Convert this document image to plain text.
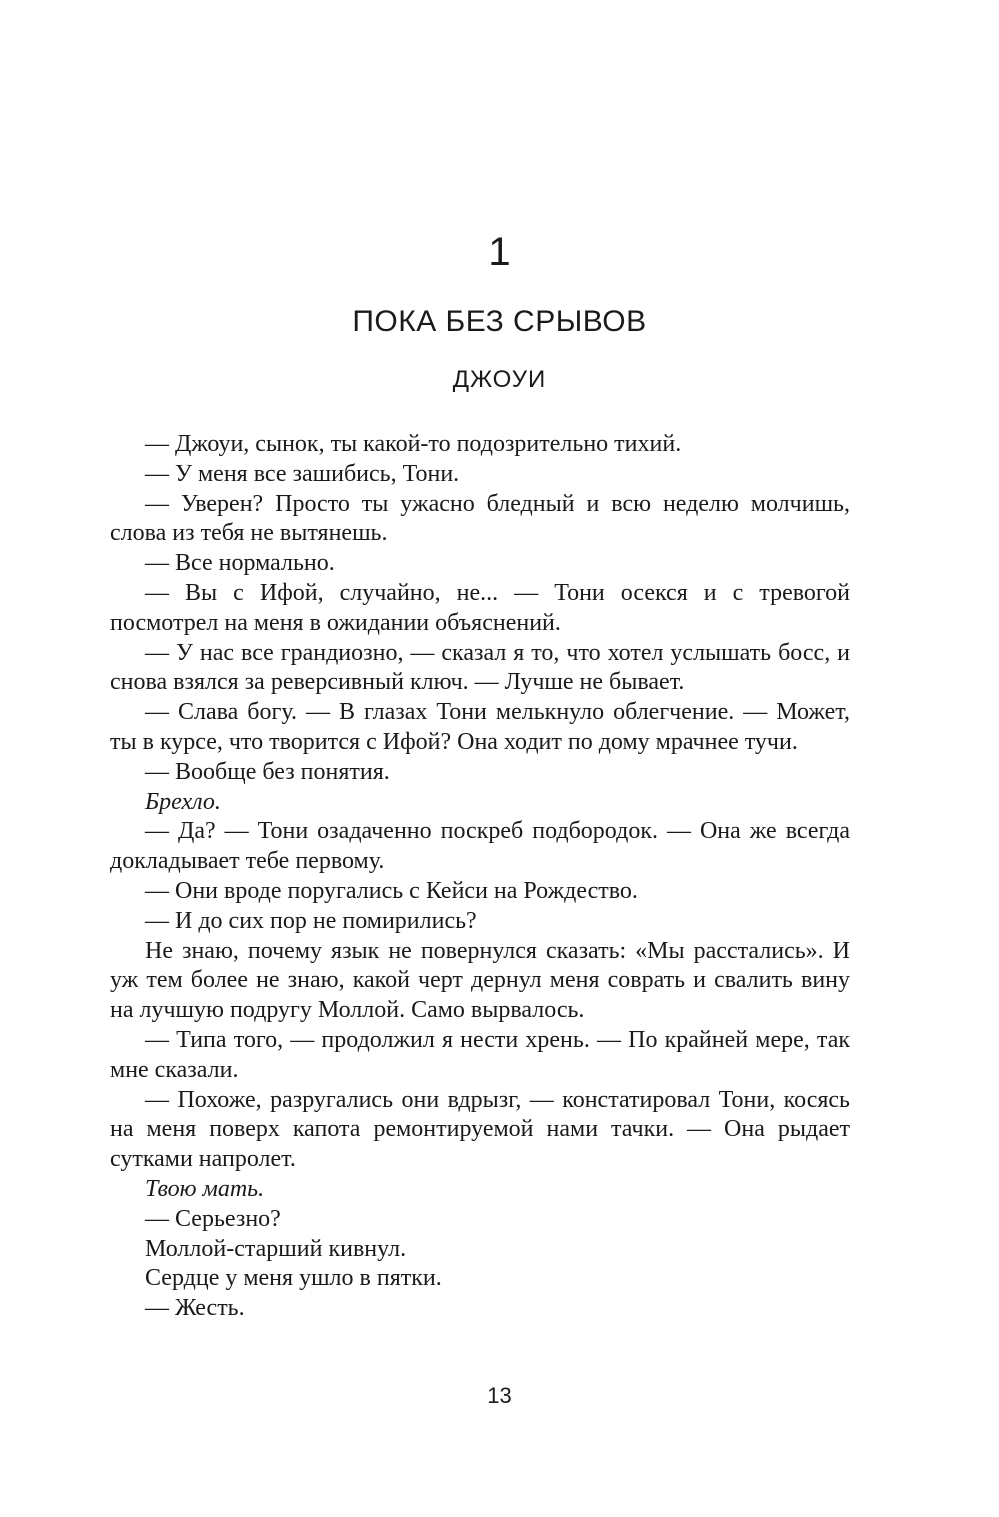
1
ПОКА БЕЗ СРЫВОВ
ДЖОУИ

— Джоуи, сынок, ты какой-то подозрительно тихий.

— У меня все зашибись, Тони.

— Уверен? Просто ты ужасно бледный и всю неделю молчишь, слова из тебя не вытянешь.

— Все нормально.

— Вы с Ифой, случайно, не... — Тони осекся и с тревогой посмотрел на меня в ожидании объяснений.

— У нас все грандиозно, — сказал я то, что хотел услышать босс, и снова взялся за реверсивный ключ. — Лучше не бывает.

— Слава богу. — В глазах Тони мелькнуло облегчение. — Может, ты в курсе, что творится с Ифой? Она ходит по дому мрачнее тучи.

— Вообще без понятия.

Брехло.

— Да? — Тони озадаченно поскреб подбородок. — Она же всегда докладывает тебе первому.

— Они вроде поругались с Кейси на Рождество.

— И до сих пор не помирились?

Не знаю, почему язык не повернулся сказать: «Мы расстались». И уж тем более не знаю, какой черт дернул меня соврать и свалить вину на лучшую подругу Моллой. Само вырвалось.

— Типа того, — продолжил я нести хрень. — По крайней мере, так мне сказали.

— Похоже, разругались они вдрызг, — констатировал Тони, косясь на меня поверх капота ремонтируемой нами тачки. — Она рыдает сутками напролет.

Твою мать.

— Серьезно?

Моллой-старший кивнул.

Сердце у меня ушло в пятки.

— Жесть.

13
